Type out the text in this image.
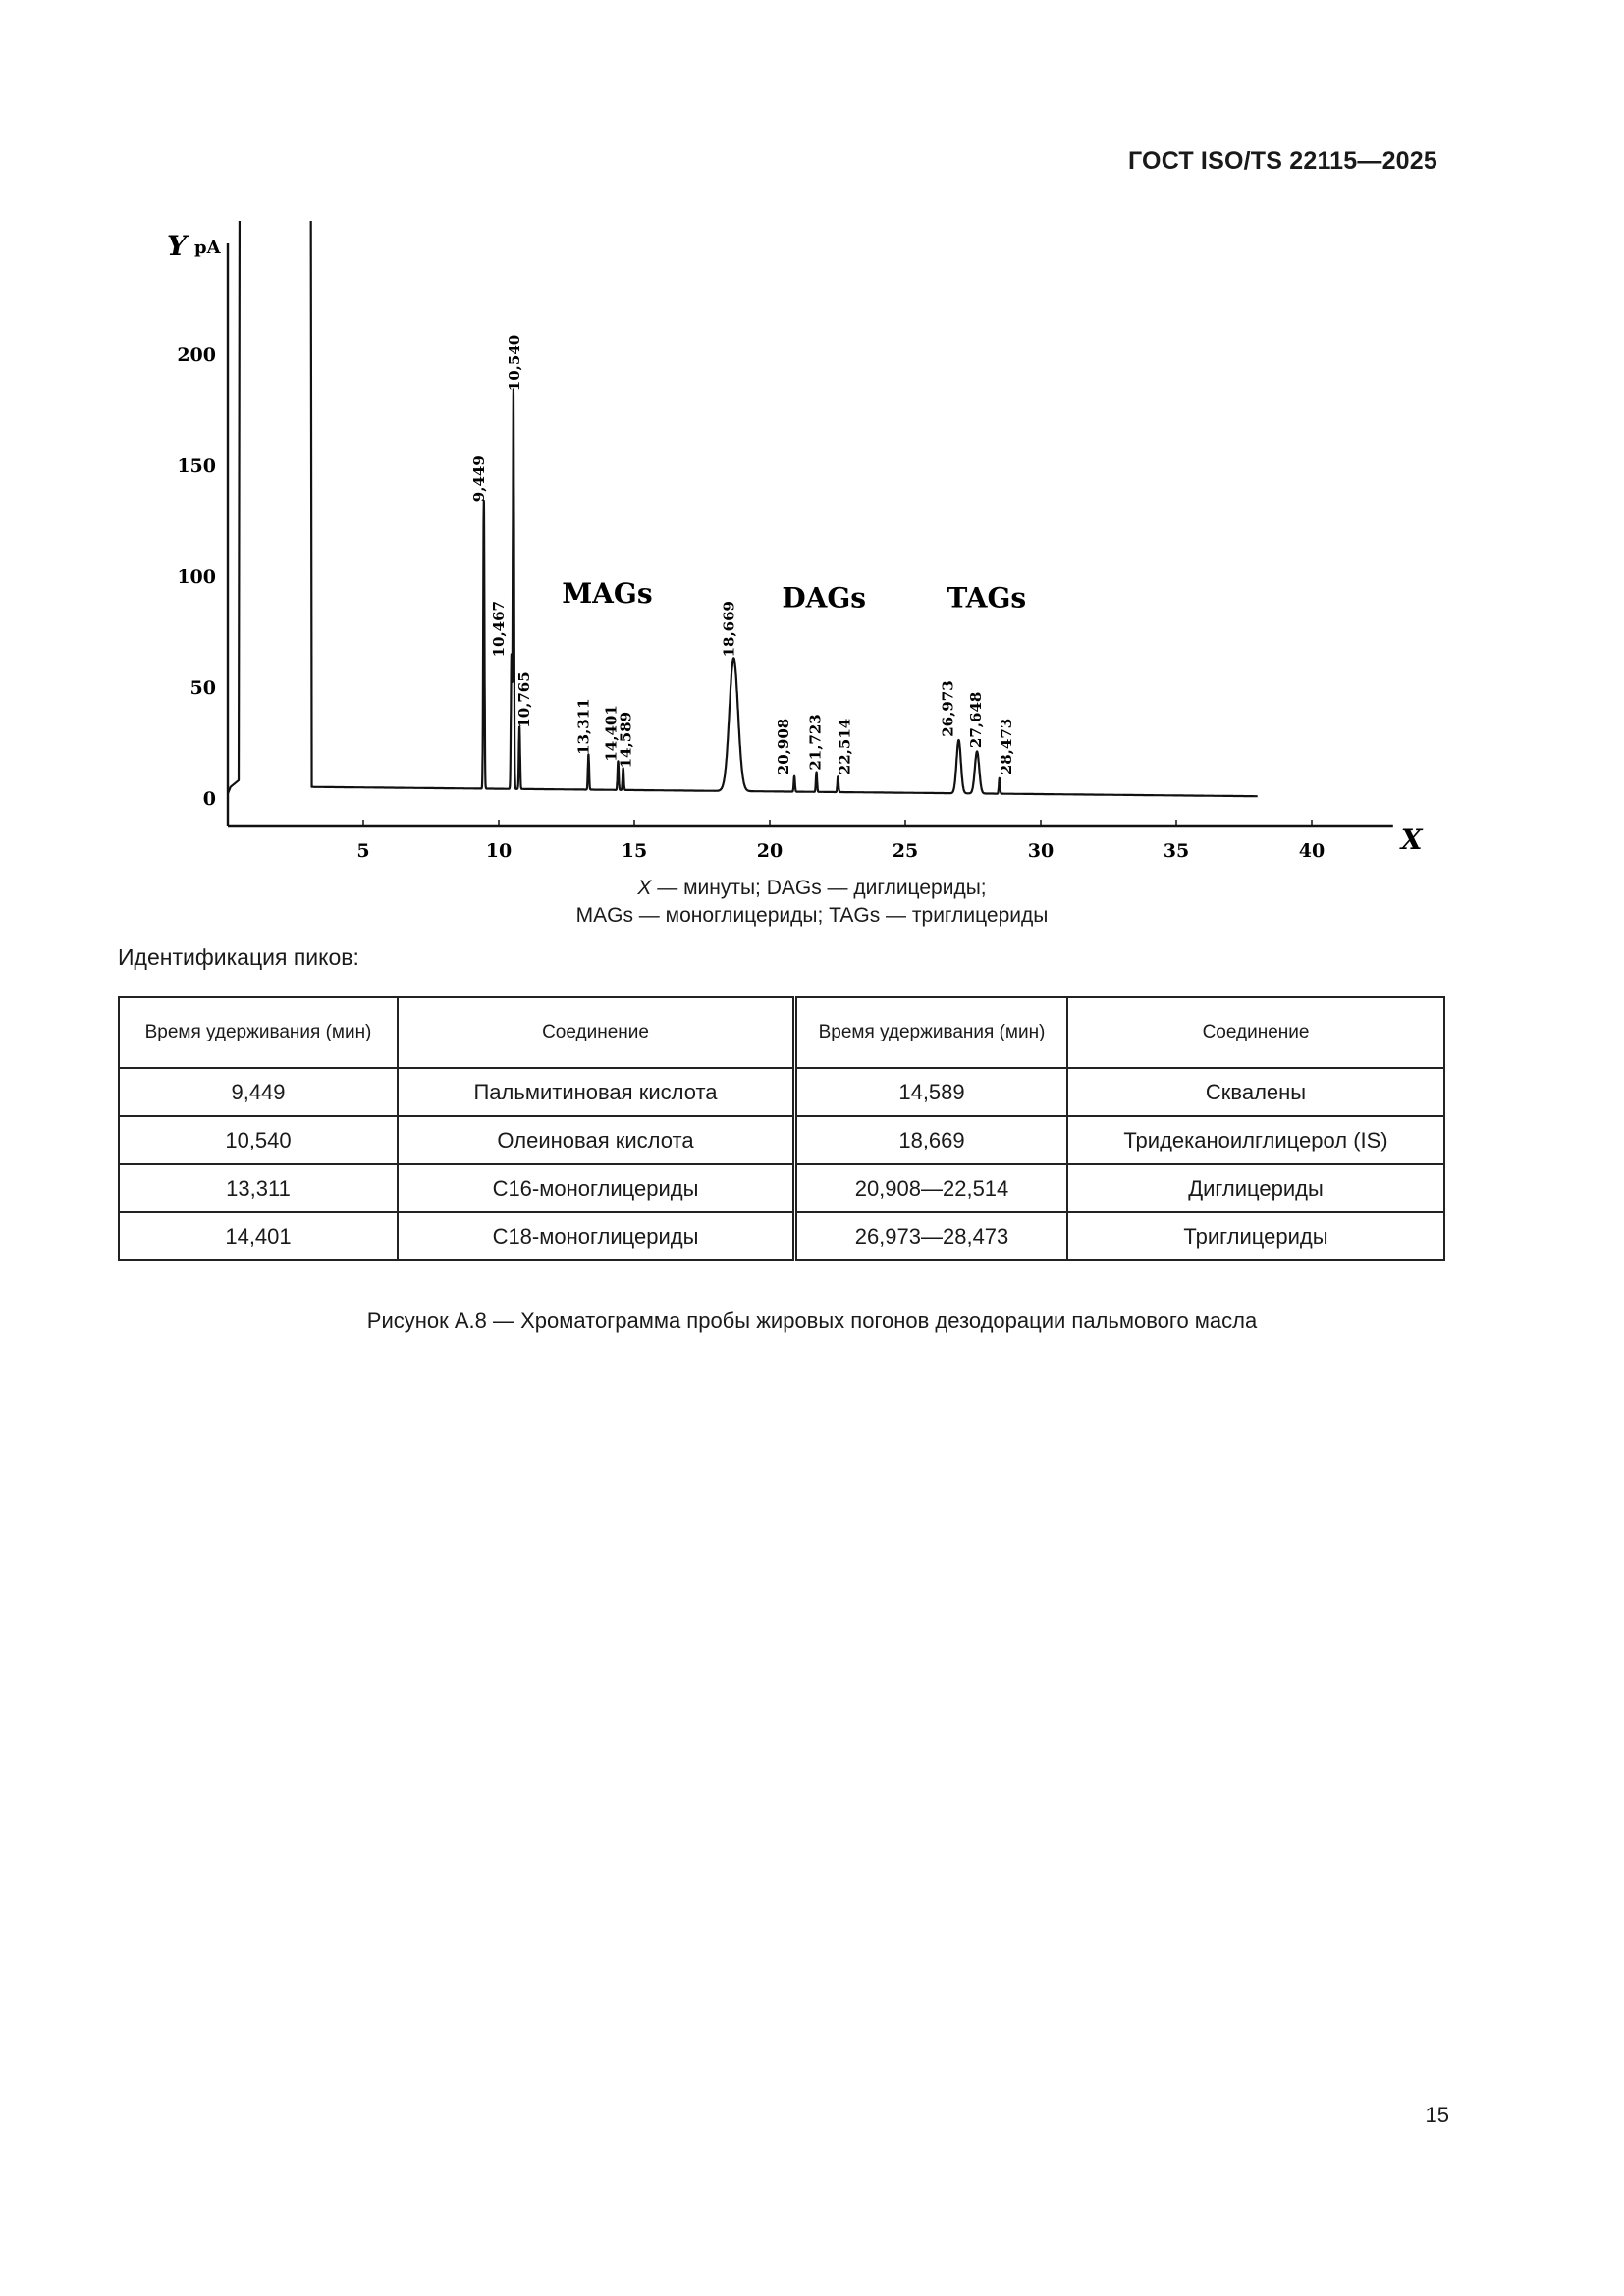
ГОСТ ISO/TS 22115—2025
X
Y pA
5	10	15	20	25	30	35	40
0
50
100
150
200
9,449
10,467
10,540
10,765	13,311 14,401
14,589
18,669
20,908 21,723 22,514
26,973 27,648 28,473
MAGs	DAGs	TAGs
X — минуты; DAGs — диглицериды;
MAGs — моноглицериды; TAGs — триглицериды
Идентификация пиков:
Время удерживания (мин)	Соединение	Время удерживания (мин)	Соединение
9,449	Пальмитиновая кислота	14,589	Сквалены
10,540	Олеиновая кислота	18,669	Тридеканоилглицерол (IS)
13,311	С16-моноглицериды	20,908—22,514	Диглицериды
14,401	С18-моноглицериды	26,973—28,473	Триглицериды
Рисунок А.8 — Хроматограмма пробы жировых погонов дезодорации пальмового масла
15
